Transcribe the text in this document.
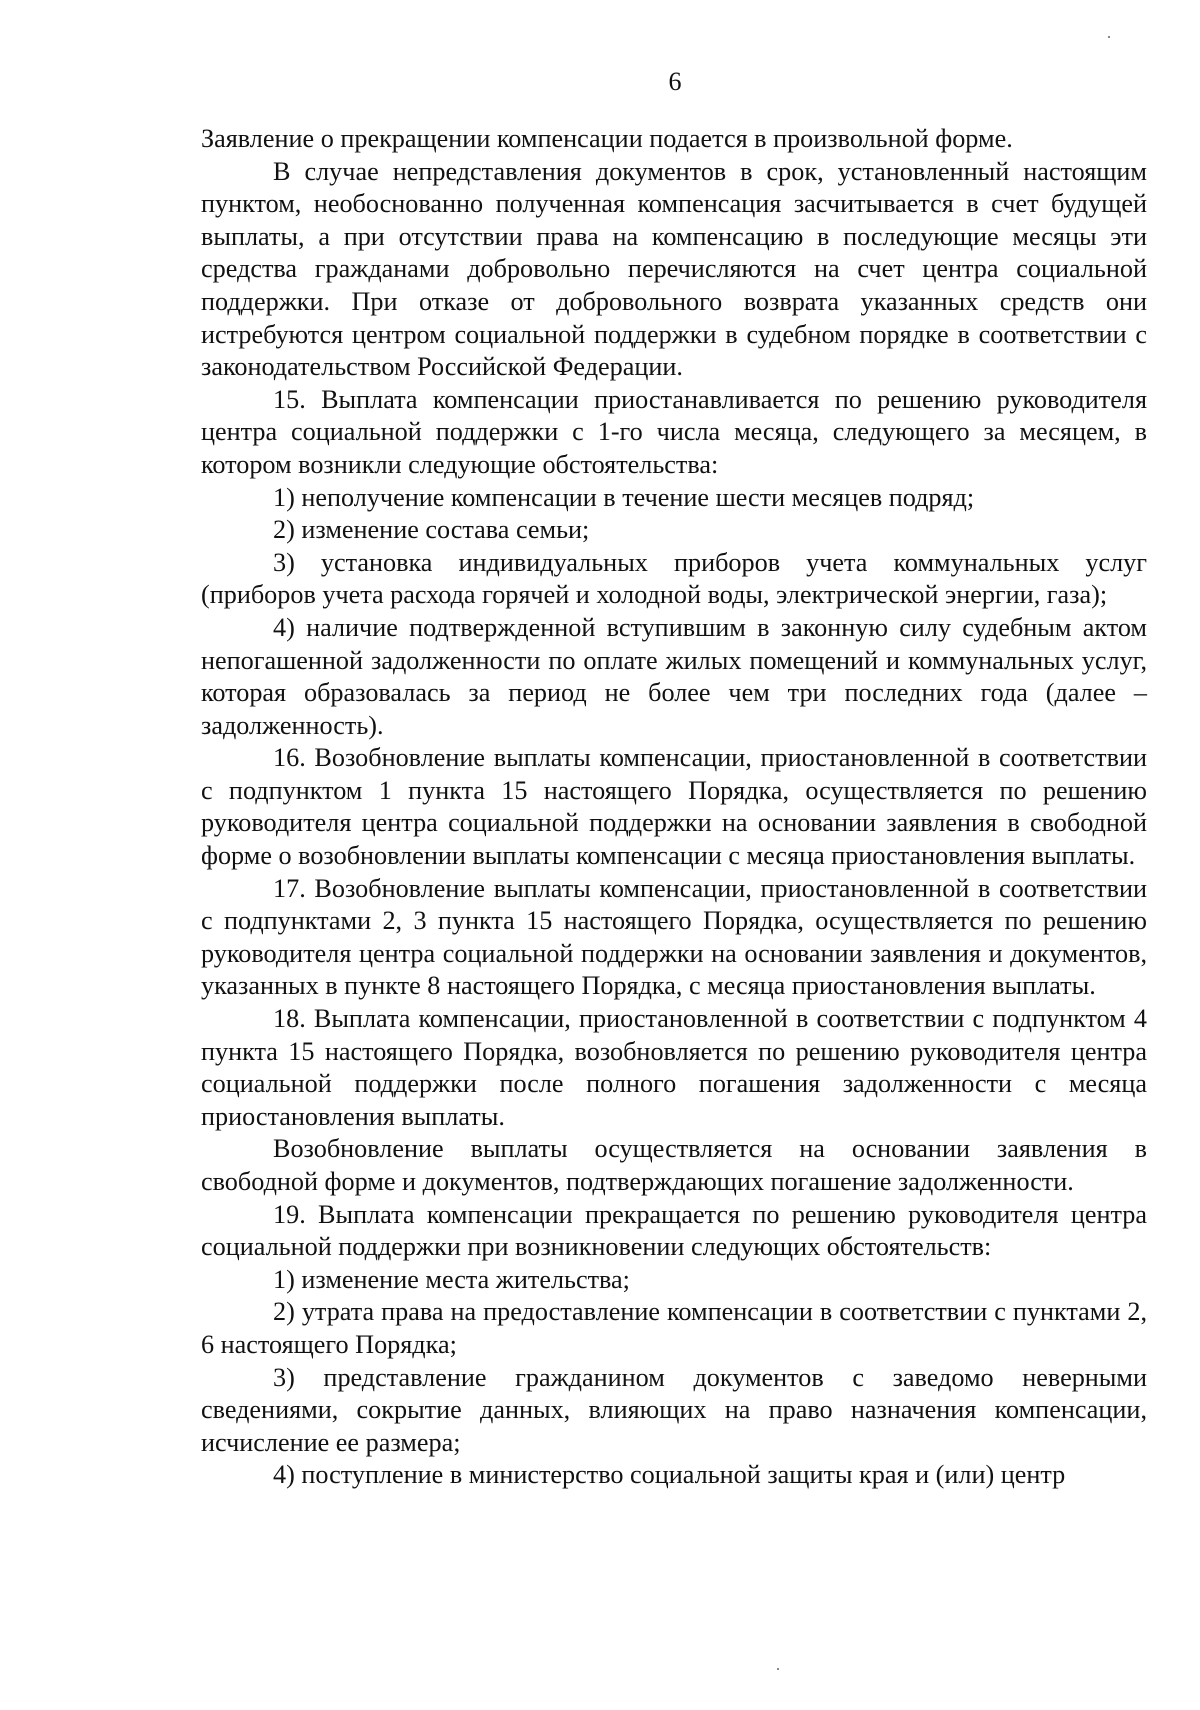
6

Заявление о прекращении компенсации подается в произвольной форме.

В случае непредставления документов в срок, установленный настоящим пунктом, необоснованно полученная компенсация засчитывается в счет будущей выплаты, а при отсутствии права на компенсацию в последующие месяцы эти средства гражданами добровольно перечисляются на счет центра социальной поддержки. При отказе от добровольного возврата указанных средств они истребуются центром социальной поддержки в судебном порядке в соответствии с законодательством Российской Федерации.

15. Выплата компенсации приостанавливается по решению руководителя центра социальной поддержки с 1-го числа месяца, следующего за месяцем, в котором возникли следующие обстоятельства:

1) неполучение компенсации в течение шести месяцев подряд;

2) изменение состава семьи;

3) установка индивидуальных приборов учета коммунальных услуг (приборов учета расхода горячей и холодной воды, электрической энергии, газа);

4) наличие подтвержденной вступившим в законную силу судебным актом непогашенной задолженности по оплате жилых помещений и коммунальных услуг, которая образовалась за период не более чем три последних года (далее – задолженность).

16. Возобновление выплаты компенсации, приостановленной в соответствии с подпунктом 1 пункта 15 настоящего Порядка, осуществляется по решению руководителя центра социальной поддержки на основании заявления в свободной форме о возобновлении выплаты компенсации с месяца приостановления выплаты.

17. Возобновление выплаты компенсации, приостановленной в соответствии с подпунктами 2, 3 пункта 15 настоящего Порядка, осуществляется по решению руководителя центра социальной поддержки на основании заявления и документов, указанных в пункте 8 настоящего Порядка, с месяца приостановления выплаты.

18. Выплата компенсации, приостановленной в соответствии с подпунктом 4 пункта 15 настоящего Порядка, возобновляется по решению руководителя центра социальной поддержки после полного погашения задолженности с месяца приостановления выплаты.

Возобновление выплаты осуществляется на основании заявления в свободной форме и документов, подтверждающих погашение задолженности.

19. Выплата компенсации прекращается по решению руководителя центра социальной поддержки при возникновении следующих обстоятельств:

1) изменение места жительства;

2) утрата права на предоставление компенсации в соответствии с пунктами 2, 6 настоящего Порядка;

3) представление гражданином документов с заведомо неверными сведениями, сокрытие данных, влияющих на право назначения компенсации, исчисление ее размера;

4) поступление в министерство социальной защиты края и (или) центр
